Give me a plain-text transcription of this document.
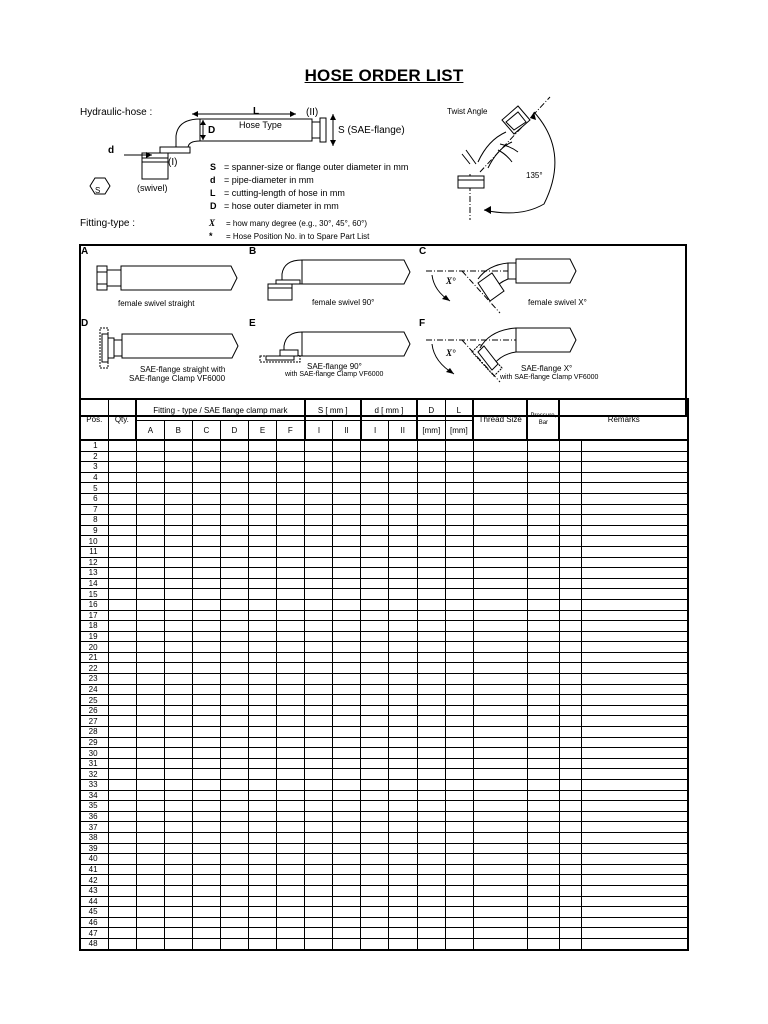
HOSE ORDER LIST
Hydraulic-hose :	(II)
L
D	Hose Type	S (SAE-flange)
d
(I)
(swivel)
S
S = spanner-size or flange outer diameter in mm
d = pipe-diameter in mm
L = cutting-length of hose in mm
D = hose outer diameter in mm
Twist Angle
135°
Fitting-type :	X = how many degree (e.g., 30°, 45°, 60°)
* = Hose Position No. in to Spare Part List
A	B	C
D	E	F
female swivel straight	female swivel 90°
X°
female swivel X°
SAE-flange straight with
SAE-flange Clamp VF6000
SAE-flange 90°
with SAE-flange Clamp VF6000
X°
SAE-flange X°
with SAE-flange Clamp VF6000
Pos.	Qty.	Fitting - type / SAE flange clamp mark						S [ mm ]		d [ mm ]		D	L	Thread Size	Pressure,
Bar	Remarks	
		A	B	C	D	E	F	I	II	I	II	[mm]	[mm]				
1																	
2																	
3																	
4																	
5																	
6																	
7																	
8																	
9																	
10																	
11																	
12																	
13																	
14																	
15																	
16																	
17																	
18																	
19																	
20																	
21																	
22																	
23																	
24																	
25																	
26																	
27																	
28																	
29																	
30																	
31																	
32																	
33																	
34																	
35																	
36																	
37																	
38																	
39																	
40																	
41																	
42																	
43																	
44																	
45																	
46																	
47																	
48																	
